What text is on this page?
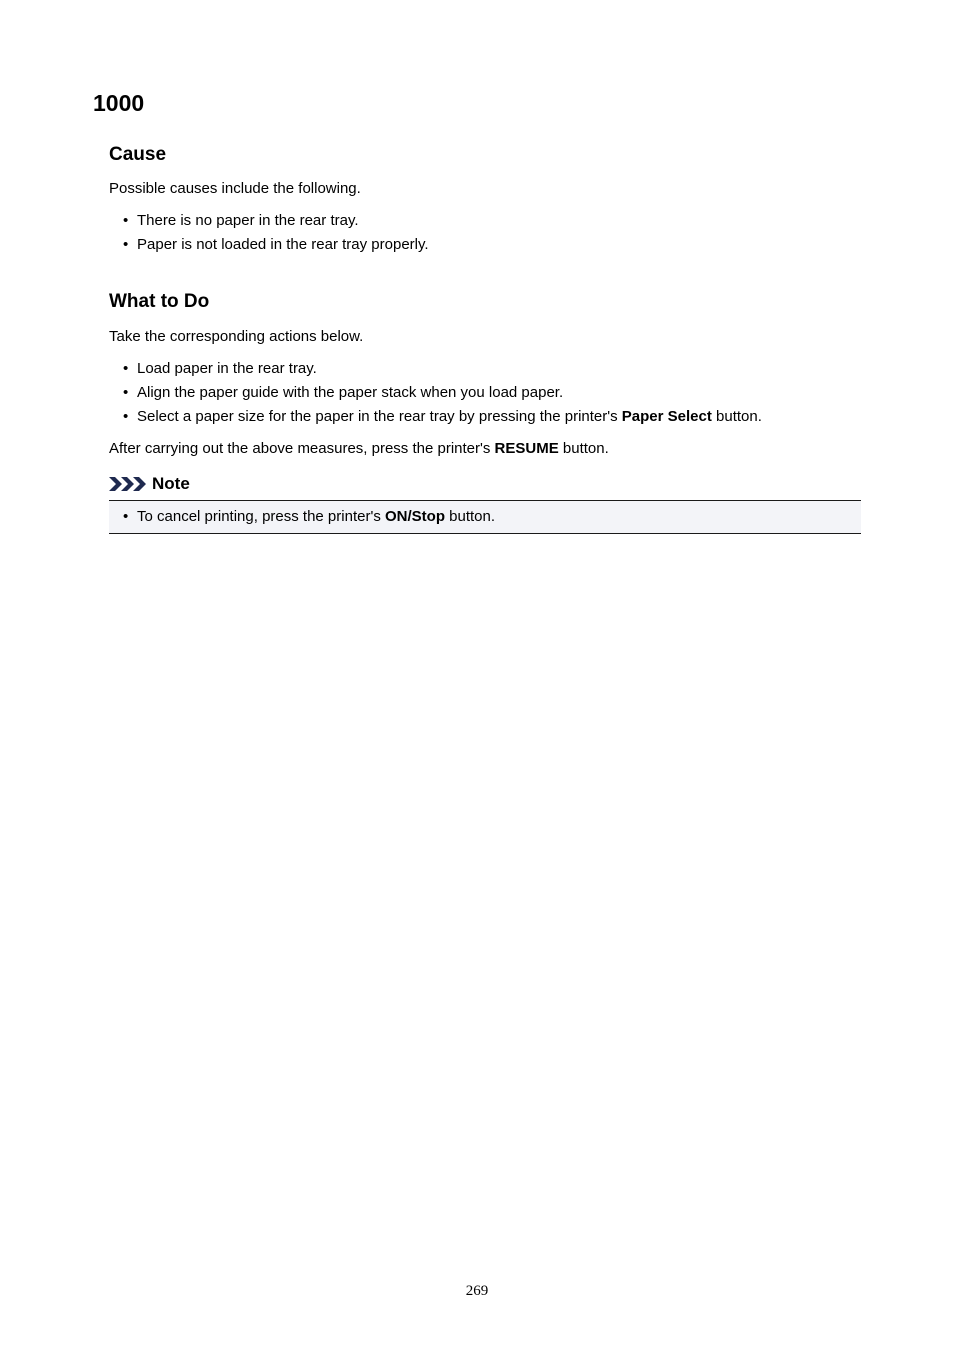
1000
Cause

Possible causes include the following.

• There is no paper in the rear tray.
• Paper is not loaded in the rear tray properly.
What to Do

Take the corresponding actions below.

• Load paper in the rear tray.
• Align the paper guide with the paper stack when you load paper.
• Select a paper size for the paper in the rear tray by pressing the printer's Paper Select button.

After carrying out the above measures, press the printer's RESUME button.

Note
• To cancel printing, press the printer's ON/Stop button.
269
